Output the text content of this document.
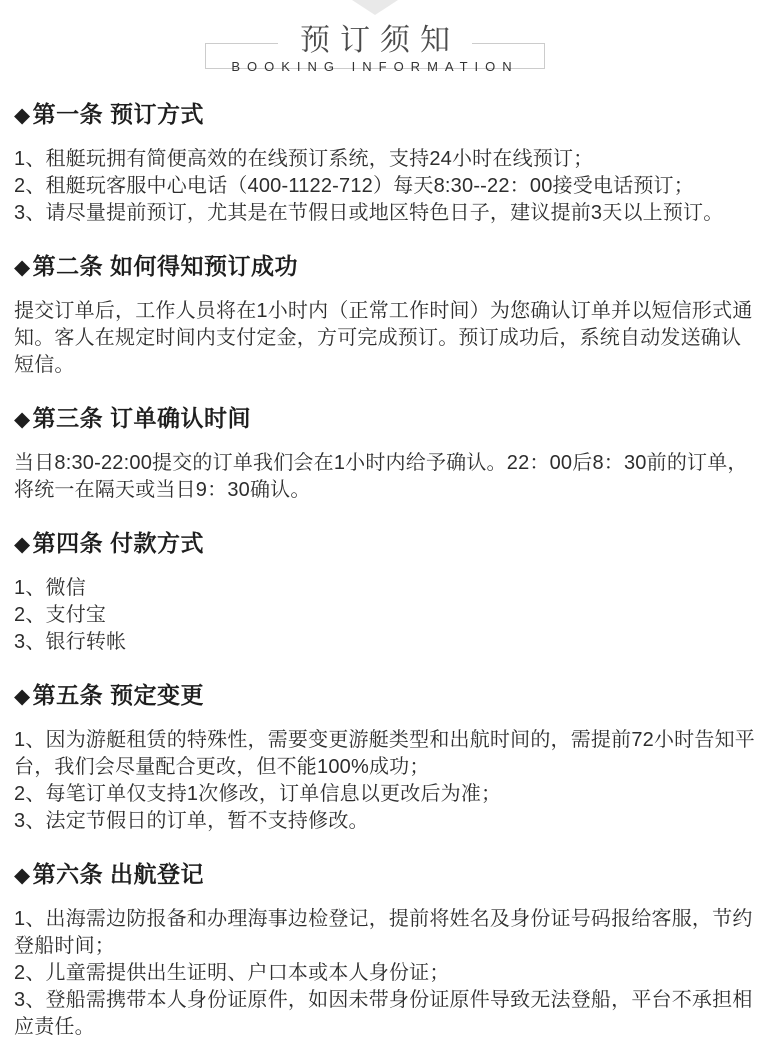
BOOKING INFORMATION
预订须知
◆第一条 预订方式

1、租艇玩拥有简便高效的在线预订系统，支持24小时在线预订；

2、租艇玩客服中心电话（400-1122-712）每天8:30--22：00接受电话预订；

3、请尽量提前预订，尤其是在节假日或地区特色日子，建议提前3天以上预订。

◆第二条 如何得知预订成功

提交订单后，工作人员将在1小时内（正常工作时间）为您确认订单并以短信形式通知。客人在规定时间内支付定金，方可完成预订。预订成功后，系统自动发送确认短信。

◆第三条 订单确认时间

当日8:30-22:00提交的订单我们会在1小时内给予确认。22：00后8：30前的订单，将统一在隔天或当日9：30确认。

◆第四条 付款方式

1、微信

2、支付宝

3、银行转帐

◆第五条 预定变更

1、因为游艇租赁的特殊性，需要变更游艇类型和出航时间的，需提前72小时告知平台，我们会尽量配合更改，但不能100%成功；

2、每笔订单仅支持1次修改，订单信息以更改后为准；

3、法定节假日的订单，暂不支持修改。

◆第六条 出航登记

1、出海需边防报备和办理海事边检登记，提前将姓名及身份证号码报给客服，节约登船时间；

2、儿童需提供出生证明、户口本或本人身份证；

3、登船需携带本人身份证原件，如因未带身份证原件导致无法登船，平台不承担相应责任。
